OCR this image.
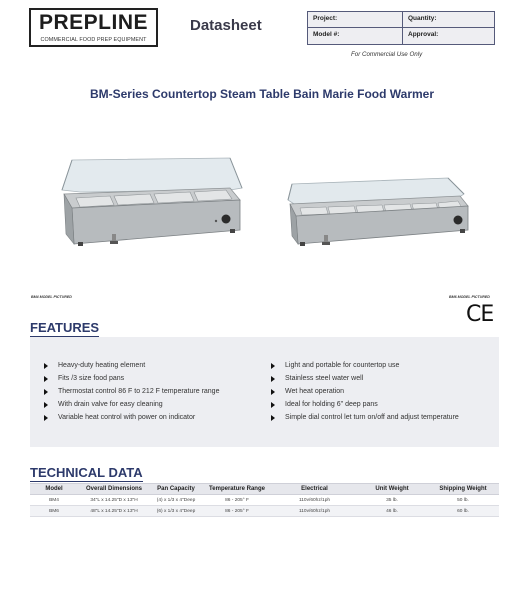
PREPLINE
COMMERCIAL FOOD PREP EQUIPMENT
Datasheet	Project:	Quantity:
Model #:	Approval:
For Commercial Use Only
BM-Series Countertop Steam Table Bain Marie Food Warmer
BM4 MODEL PICTURED	BM6 MODEL PICTURED
CE
FEATURES
Heavy-duty heating element
Fits /3 size food pans
Thermostat control 86 F to 212 F temperature range
With drain valve for easy cleaning
Variable heat control with power on indicator
Light and portable for countertop use
Stainless steel water well
Wet heat operation
Ideal for holding 6" deep pans
Simple dial control let turn on/off and adjust temperature
TECHNICAL DATA
Model	Overall Dimensions	Pan Capacity	Temperature Range	Electrical	Unit Weight	Shipping Weight
BM4	34"L x 14.25"D x 13"H	(4) x 1/3 x 4"Deep	86 - 205° F	110v/60hz/1ph	35 lb.	50 lb.
BM6	48"L x 14.25"D x 13"H	(6) x 1/3 x 4"Deep	86 - 205° F	110v/60hz/1ph	46 lb.	60 lb.
